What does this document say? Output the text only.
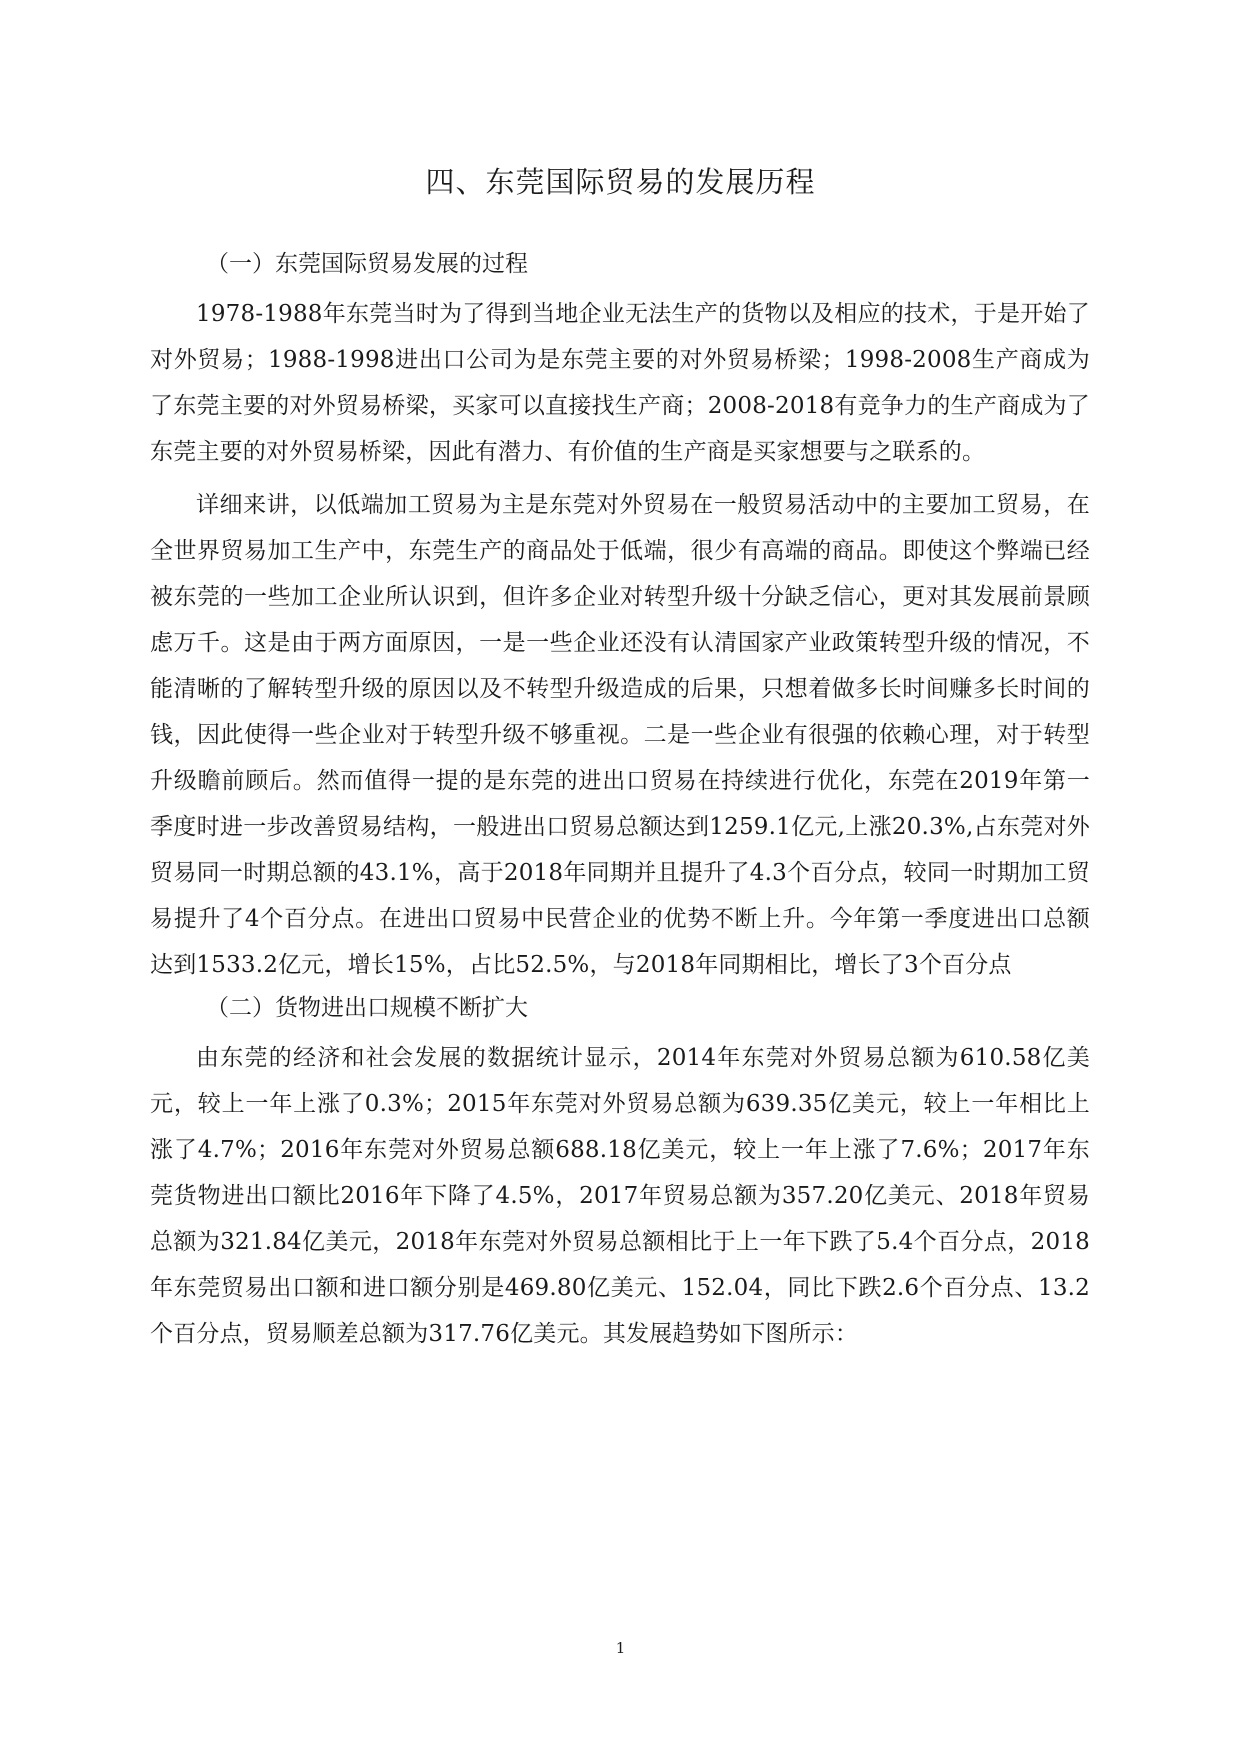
四、东莞国际贸易的发展历程
（一）东莞国际贸易发展的过程

1978-1988年东莞当时为了得到当地企业无法生产的货物以及相应的技术，于是开始了对外贸易；1988-1998进出口公司为是东莞主要的对外贸易桥梁；1998-2008生产商成为了东莞主要的对外贸易桥梁，买家可以直接找生产商；2008-2018有竞争力的生产商成为了东莞主要的对外贸易桥梁，因此有潜力、有价值的生产商是买家想要与之联系的。

详细来讲，以低端加工贸易为主是东莞对外贸易在一般贸易活动中的主要加工贸易，在全世界贸易加工生产中，东莞生产的商品处于低端，很少有高端的商品。即使这个弊端已经被东莞的一些加工企业所认识到，但许多企业对转型升级十分缺乏信心，更对其发展前景顾虑万千。这是由于两方面原因，一是一些企业还没有认清国家产业政策转型升级的情况，不能清晰的了解转型升级的原因以及不转型升级造成的后果，只想着做多长时间赚多长时间的钱，因此使得一些企业对于转型升级不够重视。二是一些企业有很强的依赖心理，对于转型升级瞻前顾后。然而值得一提的是东莞的进出口贸易在持续进行优化，东莞在2019年第一季度时进一步改善贸易结构，一般进出口贸易总额达到1259.1亿元,上涨20.3%,占东莞对外贸易同一时期总额的43.1%，高于2018年同期并且提升了4.3个百分点，较同一时期加工贸易提升了4个百分点。在进出口贸易中民营企业的优势不断上升。今年第一季度进出口总额达到1533.2亿元，增长15%，占比52.5%，与2018年同期相比，增长了3个百分点

（二）货物进出口规模不断扩大

由东莞的经济和社会发展的数据统计显示，2014年东莞对外贸易总额为610.58亿美元，较上一年上涨了0.3%；2015年东莞对外贸易总额为639.35亿美元，较上一年相比上涨了4.7%；2016年东莞对外贸易总额688.18亿美元，较上一年上涨了7.6%；2017年东莞货物进出口额比2016年下降了4.5%，2017年贸易总额为357.20亿美元、2018年贸易总额为321.84亿美元，2018年东莞对外贸易总额相比于上一年下跌了5.4个百分点，2018年东莞贸易出口额和进口额分别是469.80亿美元、152.04，同比下跌2.6个百分点、13.2个百分点，贸易顺差总额为317.76亿美元。其发展趋势如下图所示：

1
